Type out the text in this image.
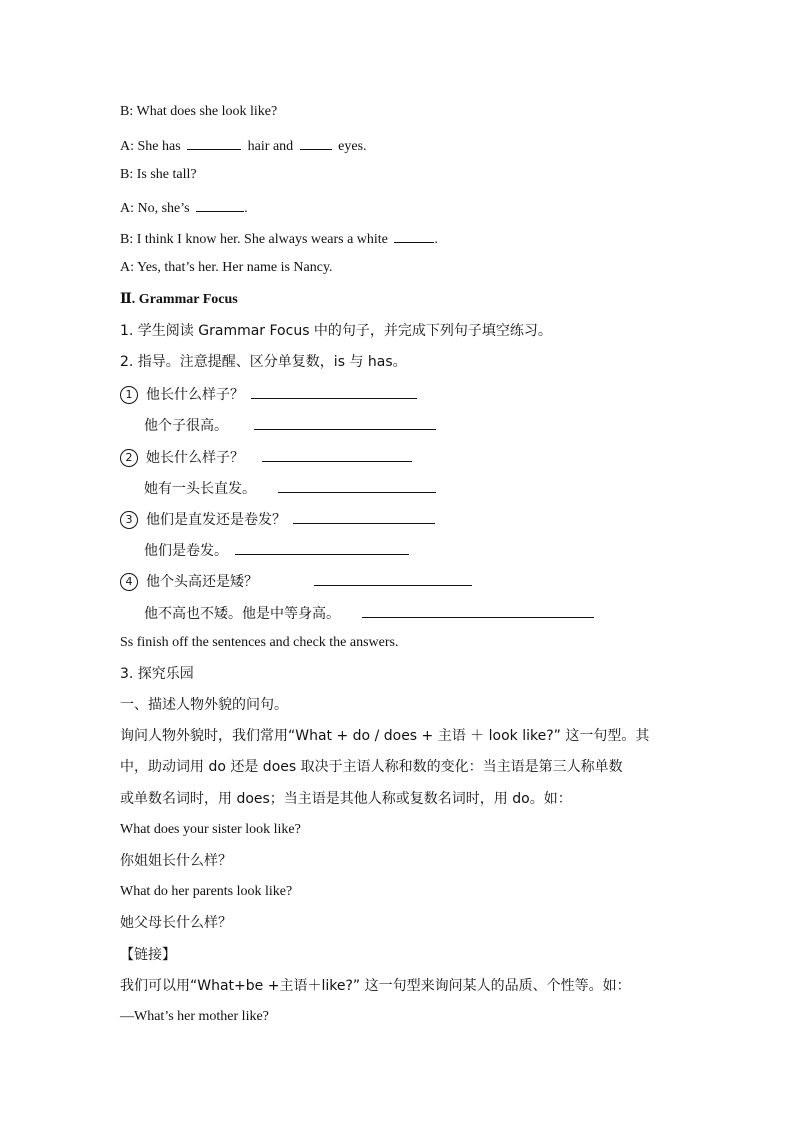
B: What does she look like?
A: She has	hair and	eyes.
B: Is she tall?
A: No, she’s	.
B: I think I know her. She always wears a white	.
A: Yes, that’s her. Her name is Nancy.
Ⅱ. Grammar Focus
1. 学生阅读 Grammar Focus 中的句子，并完成下列句子填空练习。
2. 指导。注意提醒、区分单复数，is 与 has。
1 他长什么样子？
他个子很高。
2 她长什么样子？
她有一头长直发。
3 他们是直发还是卷发？
他们是卷发。
4 他个头高还是矮？
他不高也不矮。他是中等身高。
Ss finish off the sentences and check the answers.
3. 探究乐园
一、描述人物外貌的问句。
询问人物外貌时，我们常用“What + do / does + 主语 ＋ look like?” 这一句型。其
中，助动词用 do 还是 does 取决于主语人称和数的变化：当主语是第三人称单数
或单数名词时，用 does；当主语是其他人称或复数名词时，用 do。如：
What does your sister look like?
你姐姐长什么样？
What do her parents look like?
她父母长什么样？
【链接】
我们可以用“What+be +主语＋like?” 这一句型来询问某人的品质、个性等。如：
—What’s her mother like?
